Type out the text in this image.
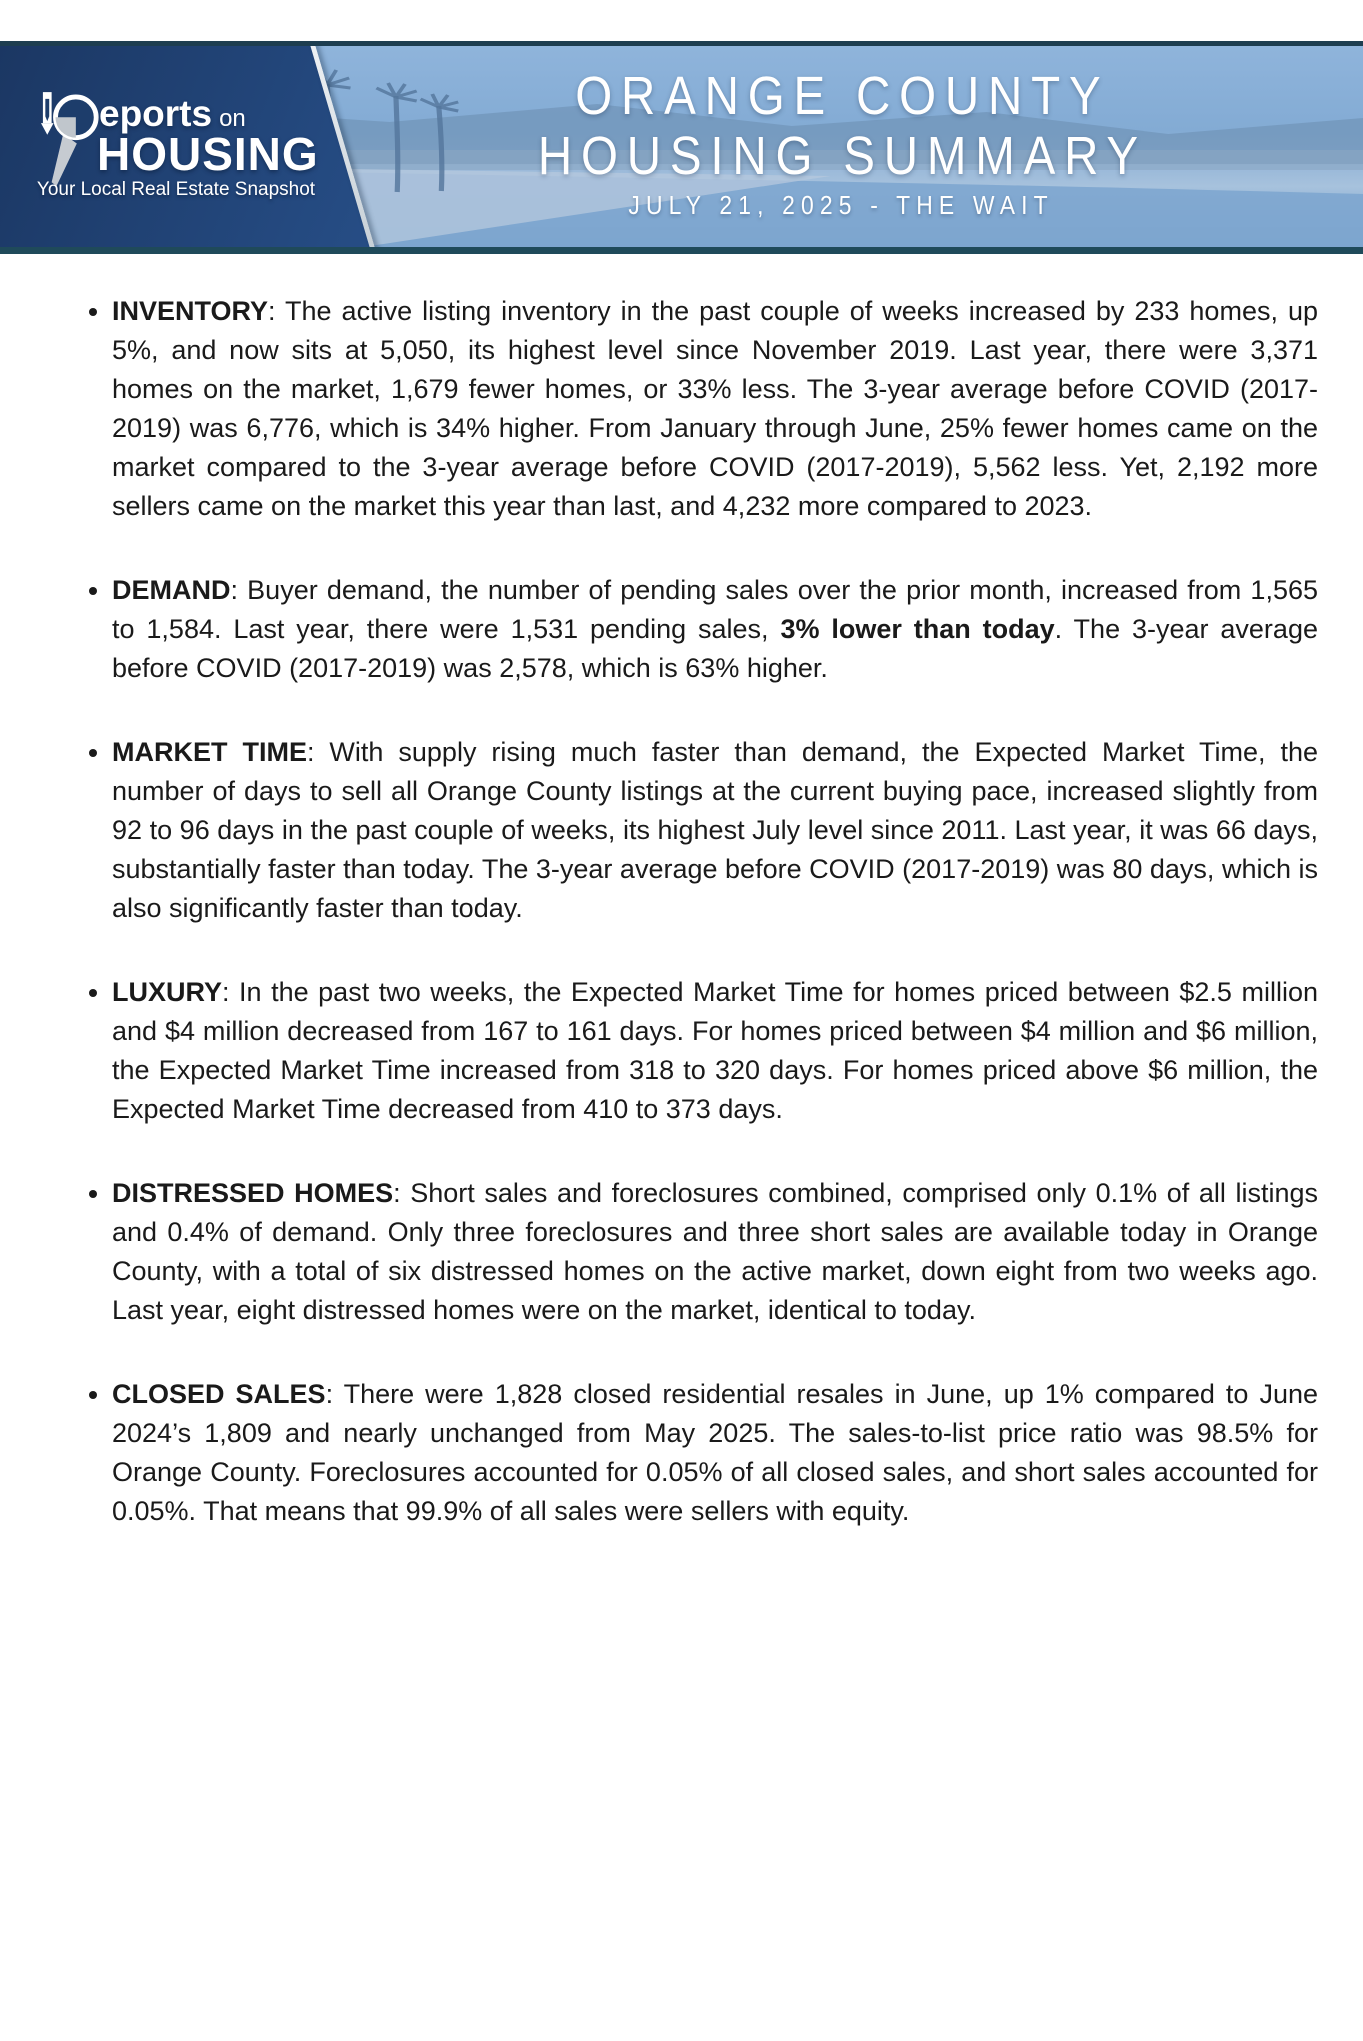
eports on
HOUSING
Your Local Real Estate Snapshot
ORANGE COUNTY
HOUSING SUMMARY
JULY 21, 2025 - THE WAIT
• INVENTORY: The active listing inventory in the past couple of weeks increased by 233 homes, up 5%, and now sits at 5,050, its highest level since November 2019. Last year, there were 3,371 homes on the market, 1,679 fewer homes, or 33% less. The 3-year average before COVID (2017-2019) was 6,776, which is 34% higher. From January through June, 25% fewer homes came on the market compared to the 3-year average before COVID (2017-2019), 5,562 less. Yet, 2,192 more sellers came on the market this year than last, and 4,232 more compared to 2023.
• DEMAND: Buyer demand, the number of pending sales over the prior month, increased from 1,565 to 1,584. Last year, there were 1,531 pending sales, 3% lower than today. The 3-year average before COVID (2017-2019) was 2,578, which is 63% higher.
• MARKET TIME: With supply rising much faster than demand, the Expected Market Time, the number of days to sell all Orange County listings at the current buying pace, increased slightly from 92 to 96 days in the past couple of weeks, its highest July level since 2011. Last year, it was 66 days, substantially faster than today. The 3-year average before COVID (2017-2019) was 80 days, which is also significantly faster than today.
• LUXURY: In the past two weeks, the Expected Market Time for homes priced between $2.5 million and $4 million decreased from 167 to 161 days. For homes priced between $4 million and $6 million, the Expected Market Time increased from 318 to 320 days. For homes priced above $6 million, the Expected Market Time decreased from 410 to 373 days.
• DISTRESSED HOMES: Short sales and foreclosures combined, comprised only 0.1% of all listings and 0.4% of demand. Only three foreclosures and three short sales are available today in Orange County, with a total of six distressed homes on the active market, down eight from two weeks ago. Last year, eight distressed homes were on the market, identical to today.
• CLOSED SALES: There were 1,828 closed residential resales in June, up 1% compared to June 2024’s 1,809 and nearly unchanged from May 2025. The sales-to-list price ratio was 98.5% for Orange County. Foreclosures accounted for 0.05% of all closed sales, and short sales accounted for 0.05%. That means that 99.9% of all sales were sellers with equity.
